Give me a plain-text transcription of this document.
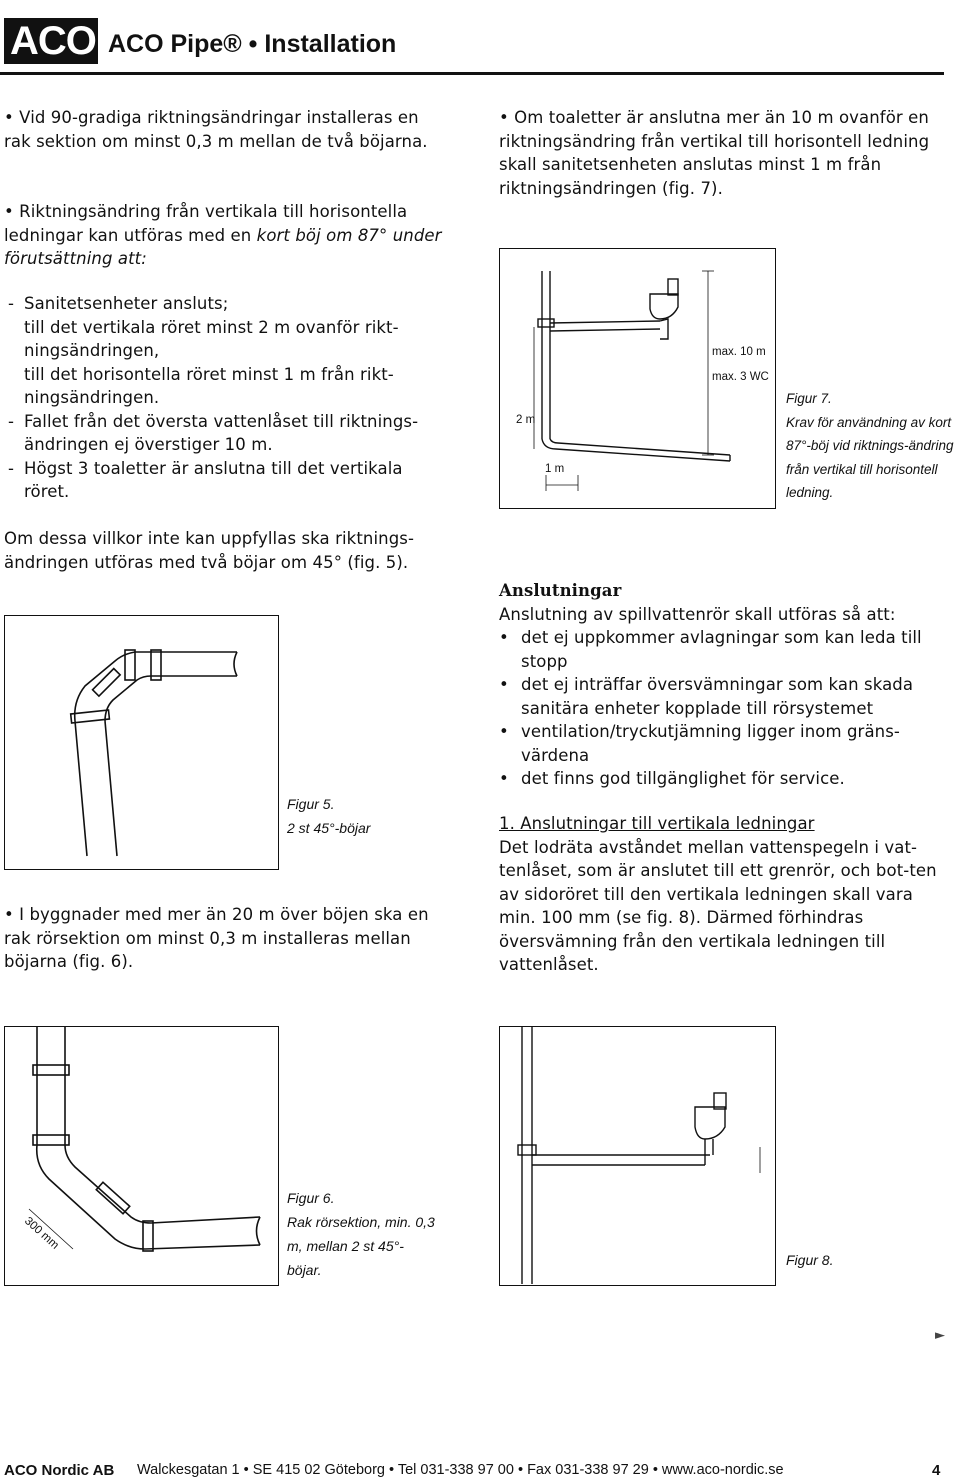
ACO ACO Pipe® • Installation

• Vid 90-gradiga riktningsändringar installeras en rak sektion om minst 0,3 m mellan de två böjarna.

• Riktningsändring från vertikala till horisontella ledningar kan utföras med en kort böj om 87° under förutsättning att:

- Sanitetsenheter ansluts;
till det vertikala röret minst 2 m ovanför rikt-ningsändringen,
till det horisontella röret minst 1 m från rikt-ningsändringen.
- Fallet från det översta vattenlåset till riktnings-ändringen ej överstiger 10 m.
- Högst 3 toaletter är anslutna till det vertikala röret.

Om dessa villkor inte kan uppfyllas ska riktnings-ändringen utföras med två böjar om 45° (fig. 5).

Figur 5.
2 st 45°-böjar

• I byggnader med mer än 20 m över böjen ska en rak rörsektion om minst 0,3 m installeras mellan böjarna (fig. 6).

• Om toaletter är anslutna mer än 10 m ovanför en riktningsändring från vertikal till horisontell ledning skall sanitetsenheten anslutas minst 1 m från riktningsändringen (fig. 7).

max. 10 m
max. 3 WC
2 m
1 m
Figur 7.
Krav för användning av kort 87°-böj vid riktnings-ändring från vertikal till horisontell ledning.
Anslutningar
Anslutning av spillvattenrör skall utföras så att:
• det ej uppkommer avlagningar som kan leda till stopp
• det ej inträffar översvämningar som kan skada sanitära enheter kopplade till rörsystemet
• ventilation/tryckutjämning ligger inom gräns-värdena
• det finns god tillgänglighet för service.
1. Anslutningar till vertikala ledningar
Det lodräta avståndet mellan vattenspegeln i vat-tenlåset, som är anslutet till ett grenrör, och bot-ten av sidoröret till den vertikala ledningen skall vara min. 100 mm (se fig. 8). Därmed förhindras översvämning från den vertikala ledningen till vattenlåset.
300 mm
Figur 6.
Rak rörsektion, min. 0,3 m, mellan 2 st 45°-böjar.
Figur 8.
►
ACO Nordic AB Walckesgatan 1 • SE 415 02 Göteborg • Tel 031-338 97 00 • Fax 031-338 97 29 • www.aco-nordic.se	4
